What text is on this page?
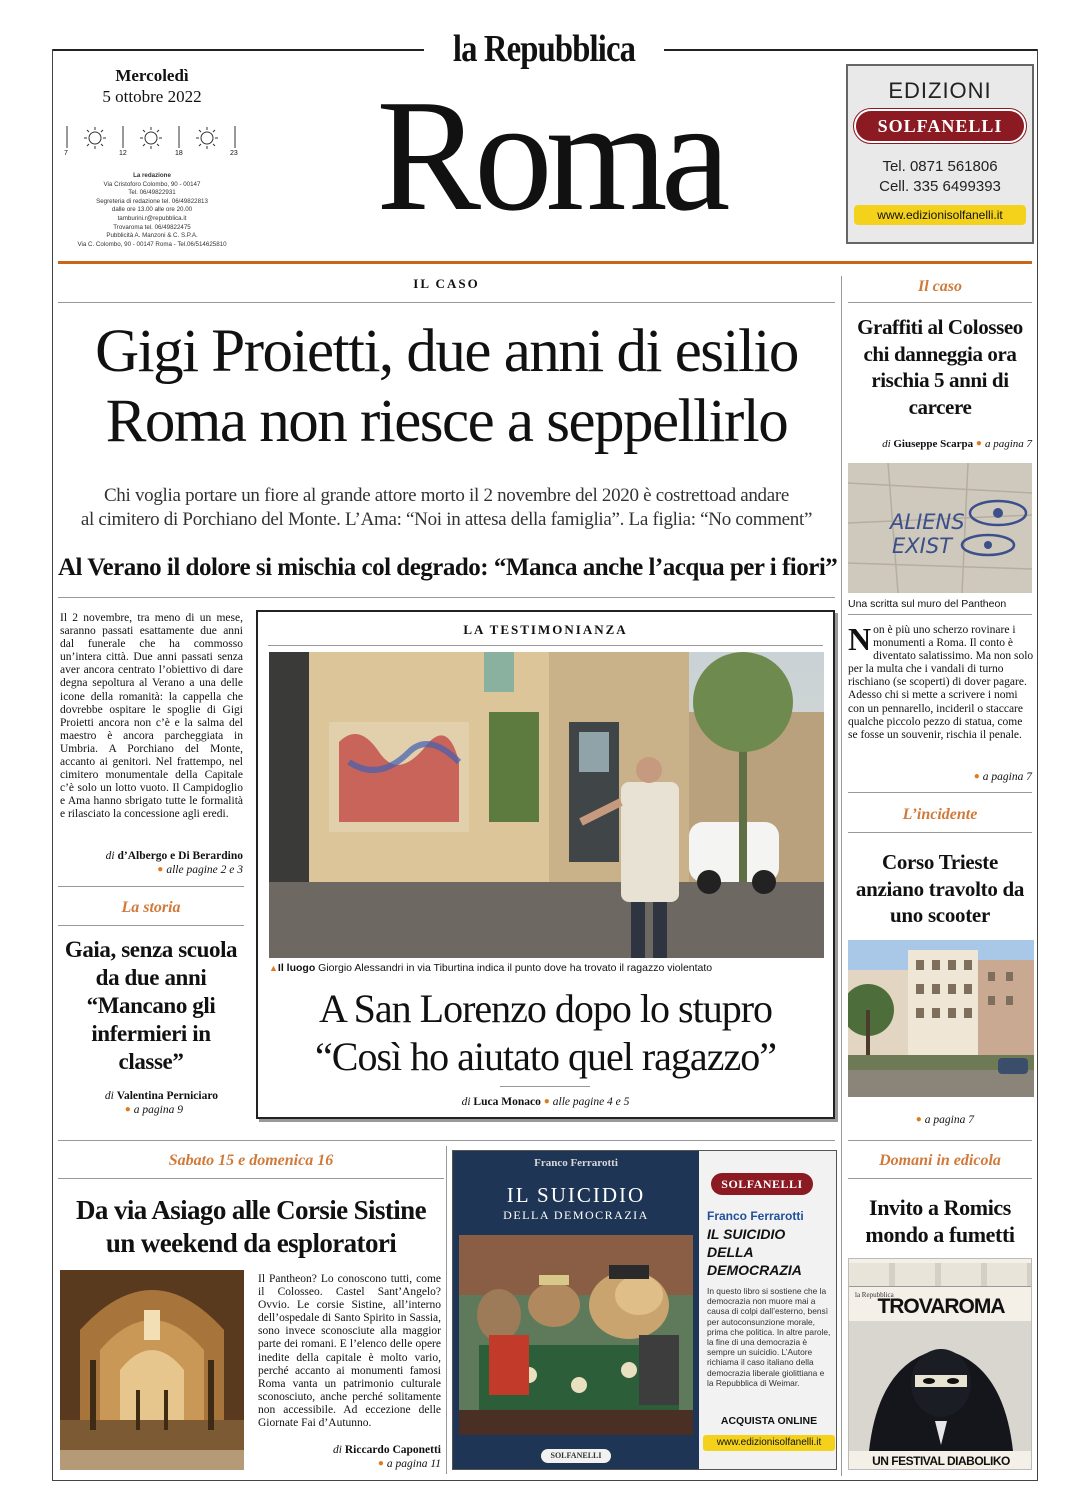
la Repubblica
Roma
Mercoledì
5 ottobre 2022
7	12	18	23
La redazione
Via Cristoforo Colombo, 90 - 00147
Tel. 06/49822931
Segreteria di redazione tel. 06/49822813
dalle ore 13.00 alle ore 20.00
tamburini.r@repubblica.it
Trovaroma tel. 06/49822475
Pubblicità A. Manzoni & C. S.P.A.
Via C. Colombo, 90 - 00147 Roma - Tel.06/514625810
EDIZIONI
SOLFANELLI
Tel. 0871 561806
Cell. 335 6499393
www.edizionisolfanelli.it
IL CASO
Gigi Proietti, due anni di esilio
Roma non riesce a seppellirlo
Chi voglia portare un fiore al grande attore morto il 2 novembre del 2020 è costrettoad andare
al cimitero di Porchiano del Monte. L’Ama: “Noi in attesa della famiglia”. La figlia: “No comment”
Al Verano il dolore si mischia col degrado: “Manca anche l’acqua per i fiori”
Il 2 novembre, tra meno di un mese, saranno passati esattamente due anni dal funerale che ha commosso un’intera città. Due anni passati senza aver ancora centrato l’obiettivo di dare degna sepoltura al Verano a una delle icone della romanità: la cappella che dovrebbe ospitare le spoglie di Gigi Proietti ancora non c’è e la salma del maestro è ancora parcheggiata in Umbria. A Porchiano del Monte, accanto ai genitori. Nel frattempo, nel cimitero monumentale della Capitale c’è solo un lotto vuoto. Il Campidoglio e Ama hanno sbrigato tutte le formalità e rilasciato la concessione agli eredi.
di d’Albergo e Di Berardino
● alle pagine 2 e 3
La storia
Gaia, senza scuola da due anni “Mancano gli infermieri in classe”
di Valentina Perniciaro
● a pagina 9
LA TESTIMONIANZA
▲Il luogo Giorgio Alessandri in via Tiburtina indica il punto dove ha trovato il ragazzo violentato
A San Lorenzo dopo lo stupro
“Così ho aiutato quel ragazzo”
di Luca Monaco ● alle pagine 4 e 5
Il caso
Graffiti al Colosseo chi danneggia ora rischia 5 anni di carcere
di Giuseppe Scarpa ● a pagina 7
ALIENS
EXIST
Una scritta sul muro del Pantheon
N on è più uno scherzo rovinare i monumenti a Roma. Il conto è diventato salatissimo. Ma non solo per la multa che i vandali di turno rischiano (se scoperti) di dover pagare. Adesso chi si mette a scrivere i nomi con un pennarello, incideril o staccare qualche piccolo pezzo di statua, come se fosse un souvenir, rischia il penale.
● a pagina 7
L’incidente
Corso Trieste anziano travolto da uno scooter
● a pagina 7
Sabato 15 e domenica 16
Da via Asiago alle Corsie Sistine
un weekend da esploratori
Il Pantheon? Lo conoscono tutti, come il Colosseo. Castel Sant’Angelo? Ovvio. Le corsie Sistine, all’interno dell’ospedale di Santo Spirito in Sassia, sono invece sconosciute alla maggior parte dei romani. E l’elenco delle opere inedite della capitale è molto vario, perché accanto ai monumenti famosi Roma vanta un patrimonio culturale sconosciuto, anche perché solitamente non accessibile. Ad eccezione delle Giornate Fai d’Autunno.
di Riccardo Caponetti
● a pagina 11
Franco Ferrarotti
IL SUICIDIO
DELLA DEMOCRAZIA
SOLFANELLI
SOLFANELLI
Franco Ferrarotti
IL SUICIDIO DELLA DEMOCRAZIA
In questo libro si sostiene che la democrazia non muore mai a causa di colpi dall’esterno, bensì per autoconsunzione morale, prima che politica. In altre parole, la fine di una democrazia è sempre un suicidio. L’Autore richiama il caso italiano della democrazia liberale giolittiana e la Repubblica di Weimar.
ACQUISTA ONLINE
www.edizionisolfanelli.it
Domani in edicola
Invito a Romics mondo a fumetti
la Repubblica
TROVAROMA
UN FESTIVAL DIABOLIKO
